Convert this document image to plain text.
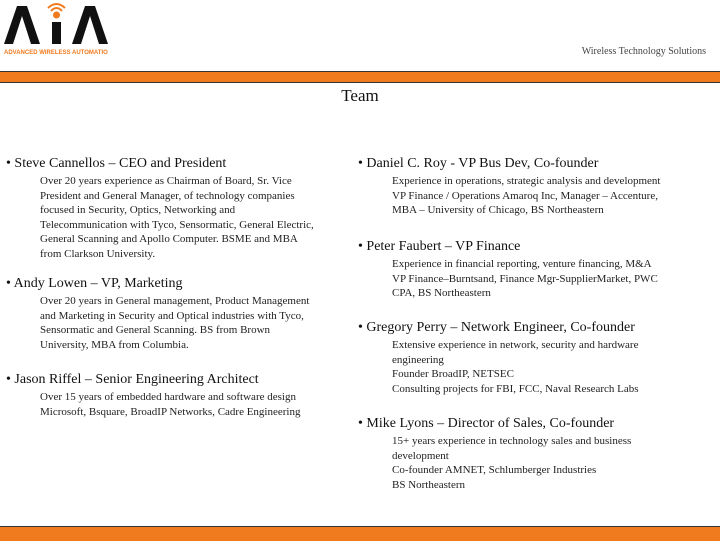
ADVANCED WIRELESS AUTOMATION	Wireless Technology Solutions
Team
• Steve Cannellos – CEO and President
Over 20 years experience as Chairman of Board, Sr. Vice
President and General Manager, of technology companies
focused in Security, Optics, Networking and
Telecommunication with Tyco, Sensormatic, General Electric,
General Scanning and Apollo Computer. BSME and MBA
from Clarkson University.
• Andy Lowen – VP, Marketing
Over 20 years in General management, Product Management
and Marketing in Security and Optical industries with Tyco,
Sensormatic and General Scanning. BS from Brown
University, MBA from Columbia.
• Jason Riffel – Senior Engineering Architect
Over 15 years of embedded hardware and software design
Microsoft, Bsquare, BroadIP Networks, Cadre Engineering
• Daniel C. Roy - VP Bus Dev, Co-founder
Experience in operations, strategic analysis and development
VP Finance / Operations Amaroq Inc, Manager – Accenture,
MBA – University of Chicago, BS Northeastern
• Peter Faubert – VP Finance
Experience in financial reporting, venture financing, M&A
VP Finance–Burntsand, Finance Mgr-SupplierMarket, PWC
CPA, BS Northeastern
• Gregory Perry – Network Engineer, Co-founder
Extensive experience in network, security and hardware
engineering
Founder BroadIP, NETSEC
Consulting projects for FBI, FCC, Naval Research Labs
• Mike Lyons – Director of Sales, Co-founder
15+ years experience in technology sales and business
development
Co-founder AMNET, Schlumberger Industries
BS Northeastern
